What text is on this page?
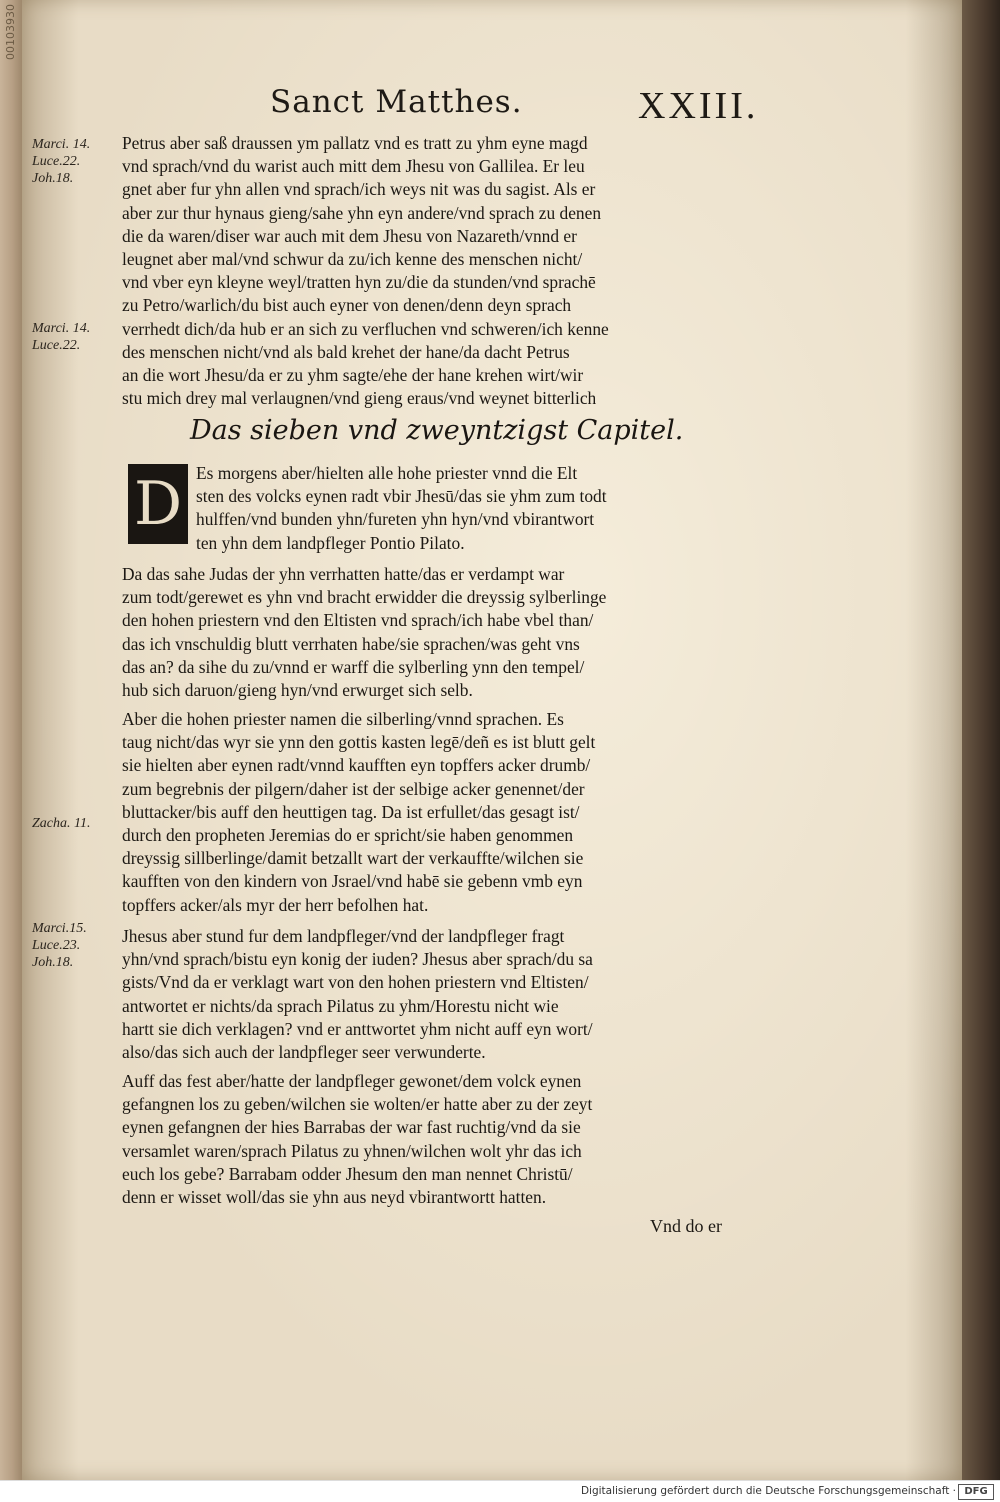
00103930
Sanct Matthes.	XXIII.
Marci. 14.
Luce.22.
Joh.18.
Marci. 14.
Luce.22.
Zacha. 11.
Marci.15.
Luce.23.
Joh.18.
Petrus aber saß draussen ym pallatz vnd es tratt zu yhm eyne magd
vnd sprach/vnd du warist auch mitt dem Jhesu von Gallilea. Er leu
gnet aber fur yhn allen vnd sprach/ich weys nit was du sagist. Als er
aber zur thur hynaus gieng/sahe yhn eyn andere/vnd sprach zu denen
die da waren/diser war auch mit dem Jhesu von Nazareth/vnnd er
leugnet aber mal/vnd schwur da zu/ich kenne des menschen nicht/
vnd vber eyn kleyne weyl/tratten hyn zu/die da stunden/vnd sprachē
zu Petro/warlich/du bist auch eyner von denen/denn deyn sprach
verrhedt dich/da hub er an sich zu verfluchen vnd schweren/ich kenne
des menschen nicht/vnd als bald krehet der hane/da dacht Petrus
an die wort Jhesu/da er zu yhm sagte/ehe der hane krehen wirt/wir
stu mich drey mal verlaugnen/vnd gieng eraus/vnd weynet bitterlich
Das sieben vnd zweyntzigst Capitel.
D Es morgens aber/hielten alle hohe priester vnnd die Elt
sten des volcks eynen radt vbir Jhesū/das sie yhm zum todt
hulffen/vnd bunden yhn/fureten yhn hyn/vnd vbirantwort
ten yhn dem landpfleger Pontio Pilato.
Da das sahe Judas der yhn verrhatten hatte/das er verdampt war
zum todt/gerewet es yhn vnd bracht erwidder die dreyssig sylberlinge
den hohen priestern vnd den Eltisten vnd sprach/ich habe vbel than/
das ich vnschuldig blutt verrhaten habe/sie sprachen/was geht vns
das an? da sihe du zu/vnnd er warff die sylberling ynn den tempel/
hub sich daruon/gieng hyn/vnd erwurget sich selb.
Aber die hohen priester namen die silberling/vnnd sprachen. Es
taug nicht/das wyr sie ynn den gottis kasten legē/deñ es ist blutt gelt
sie hielten aber eynen radt/vnnd kaufften eyn topffers acker drumb/
zum begrebnis der pilgern/daher ist der selbige acker genennet/der
bluttacker/bis auff den heuttigen tag. Da ist erfullet/das gesagt ist/
durch den propheten Jeremias do er spricht/sie haben genommen
dreyssig sillberlinge/damit betzallt wart der verkauffte/wilchen sie
kaufften von den kindern von Jsrael/vnd habē sie gebenn vmb eyn
topffers acker/als myr der herr befolhen hat.
Jhesus aber stund fur dem landpfleger/vnd der landpfleger fragt
yhn/vnd sprach/bistu eyn konig der iuden? Jhesus aber sprach/du sa
gists/Vnd da er verklagt wart von den hohen priestern vnd Eltisten/
antwortet er nichts/da sprach Pilatus zu yhm/Horestu nicht wie
hartt sie dich verklagen? vnd er anttwortet yhm nicht auff eyn wort/
also/das sich auch der landpfleger seer verwunderte.
Auff das fest aber/hatte der landpfleger gewonet/dem volck eynen
gefangnen los zu geben/wilchen sie wolten/er hatte aber zu der zeyt
eynen gefangnen der hies Barrabas der war fast ruchtig/vnd da sie
versamlet waren/sprach Pilatus zu yhnen/wilchen wolt yhr das ich
euch los gebe? Barrabam odder Jhesum den man nennet Christū/
denn er wisset woll/das sie yhn aus neyd vbirantwortt hatten.
Vnd do er
Digitalisierung gefördert durch die Deutsche Forschungsgemeinschaft · DFG
